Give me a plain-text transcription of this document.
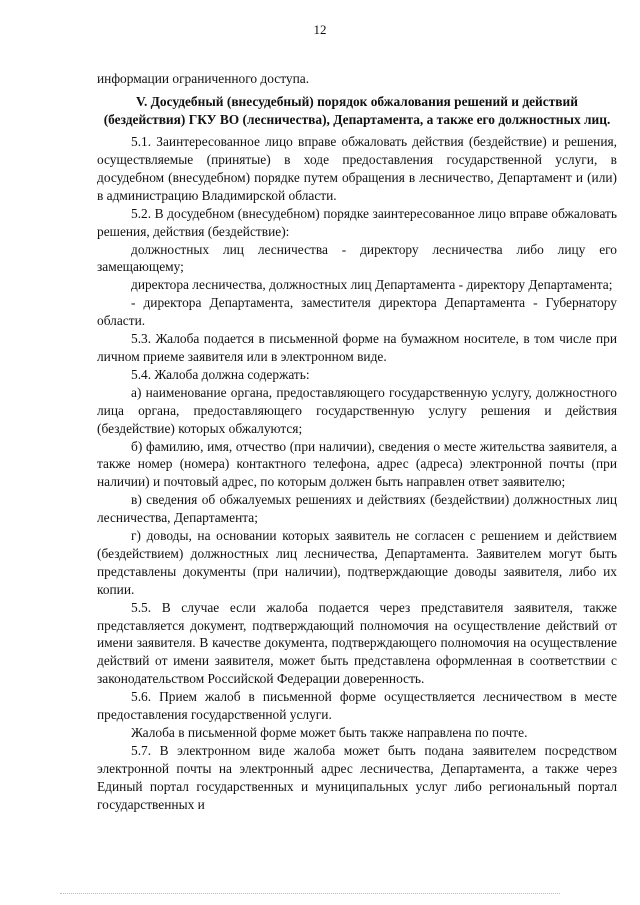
12

информации ограниченного доступа.

V. Досудебный (внесудебный) порядок обжалования решений и действий (бездействия) ГКУ ВО (лесничества), Департамента, а также его должностных лиц.

5.1. Заинтересованное лицо вправе обжаловать действия (бездействие) и решения, осуществляемые (принятые) в ходе предоставления государственной услуги, в досудебном (внесудебном) порядке путем обращения в лесничество, Департамент и (или) в администрацию Владимирской области.

5.2. В досудебном (внесудебном) порядке заинтересованное лицо вправе обжаловать решения, действия (бездействие):

должностных лиц лесничества - директору лесничества либо лицу его замещающему;

директора лесничества, должностных лиц Департамента - директору Департамента;

- директора Департамента, заместителя директора Департамента - Губернатору области.

5.3. Жалоба подается в письменной форме на бумажном носителе, в том числе при личном приеме заявителя или в электронном виде.

5.4. Жалоба должна содержать:

а) наименование органа, предоставляющего государственную услугу, должностного лица органа, предоставляющего государственную услугу решения и действия (бездействие) которых обжалуются;

б) фамилию, имя, отчество (при наличии), сведения о месте жительства заявителя, а также номер (номера) контактного телефона, адрес (адреса) электронной почты (при наличии) и почтовый адрес, по которым должен быть направлен ответ заявителю;

в) сведения об обжалуемых решениях и действиях (бездействии) должностных лиц лесничества, Департамента;

г) доводы, на основании которых заявитель не согласен с решением и действием (бездействием) должностных лиц лесничества, Департамента. Заявителем могут быть представлены документы (при наличии), подтверждающие доводы заявителя, либо их копии.

5.5. В случае если жалоба подается через представителя заявителя, также представляется документ, подтверждающий полномочия на осуществление действий от имени заявителя. В качестве документа, подтверждающего полномочия на осуществление действий от имени заявителя, может быть представлена оформленная в соответствии с законодательством Российской Федерации доверенность.

5.6. Прием жалоб в письменной форме осуществляется лесничеством в месте предоставления государственной услуги.

Жалоба в письменной форме может быть также направлена по почте.

5.7. В электронном виде жалоба может быть подана заявителем посредством электронной почты на электронный адрес лесничества, Департамента, а также через Единый портал государственных и муниципальных услуг либо региональный портал государственных и
